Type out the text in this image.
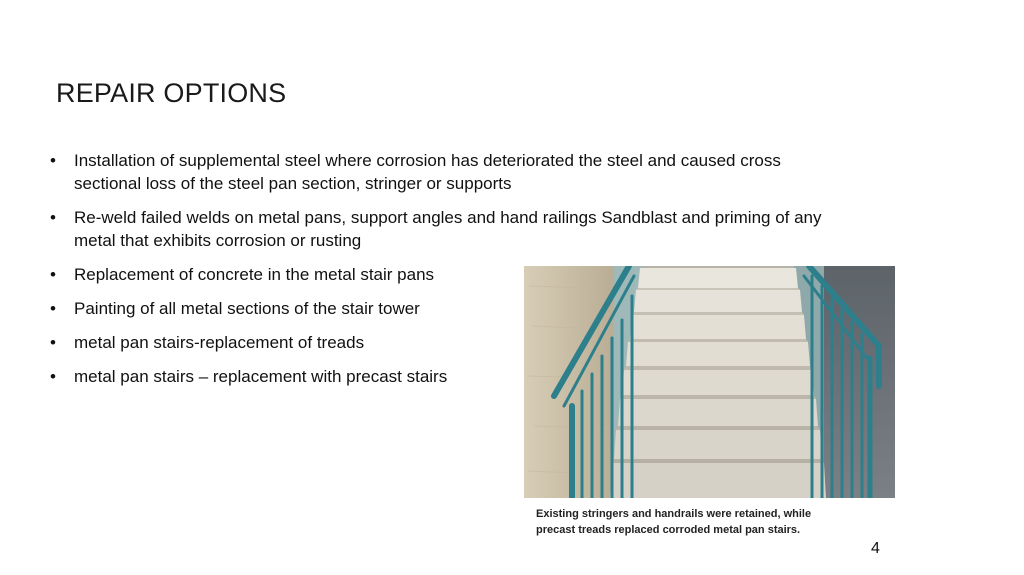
REPAIR OPTIONS
•	Installation of supplemental steel where corrosion has deteriorated the steel and caused cross
sectional loss of the steel pan section, stringer or supports
•	Re-weld failed welds on metal pans, support angles and hand railings Sandblast and priming of any
metal that exhibits corrosion or rusting
•	Replacement of concrete in the metal stair pans
•	Painting of all metal sections of the stair tower
•	metal pan stairs-replacement of treads
•	metal pan stairs – replacement with precast stairs
Existing stringers and handrails were retained, while
precast treads replaced corroded metal pan stairs.
4
